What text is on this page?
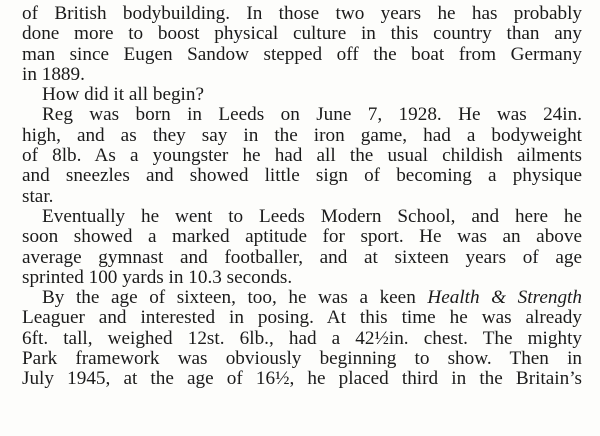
of British bodybuilding. In those two years he has probably
done more to boost physical culture in this country than any
man since Eugen Sandow stepped off the boat from Germany
in 1889.
How did it all begin?
Reg was born in Leeds on June 7, 1928. He was 24in.
high, and as they say in the iron game, had a bodyweight
of 8lb. As a youngster he had all the usual childish ailments
and sneezles and showed little sign of becoming a physique
star.
Eventually he went to Leeds Modern School, and here he
soon showed a marked aptitude for sport. He was an above
average gymnast and footballer, and at sixteen years of age
sprinted 100 yards in 10.3 seconds.
By the age of sixteen, too, he was a keen Health & Strength
Leaguer and interested in posing. At this time he was already
6ft. tall, weighed 12st. 6lb., had a 42½in. chest. The mighty
Park framework was obviously beginning to show. Then in
July 1945, at the age of 16½, he placed third in the Britain’s
